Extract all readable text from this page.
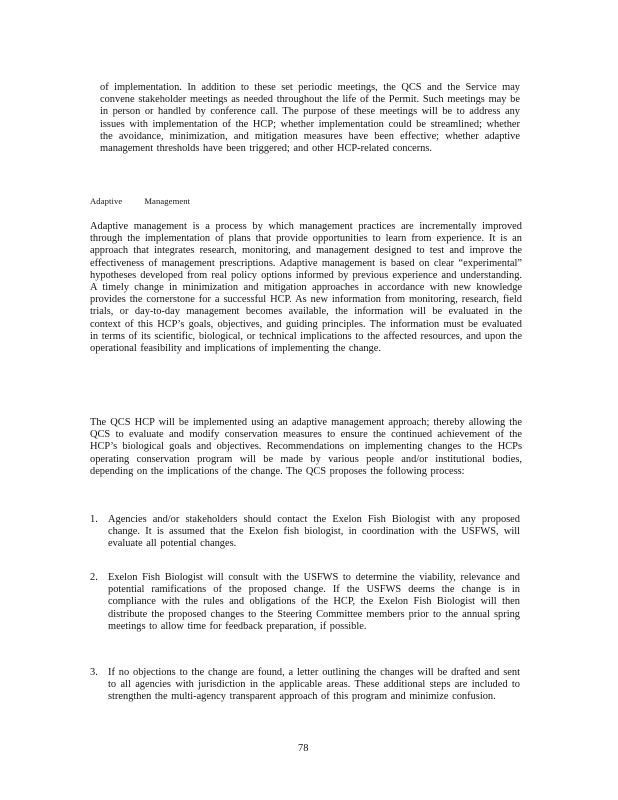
of implementation. In addition to these set periodic meetings, the QCS and the Service may convene stakeholder meetings as needed throughout the life of the Permit. Such meetings may be in person or handled by conference call. The purpose of these meetings will be to address any issues with implementation of the HCP; whether implementation could be streamlined; whether the avoidance, minimization, and mitigation measures have been effective; whether adaptive management thresholds have been triggered; and other HCP-related concerns.

Adaptive	Management

Adaptive management is a process by which management practices are incrementally improved through the implementation of plans that provide opportunities to learn from experience. It is an approach that integrates research, monitoring, and management designed to test and improve the effectiveness of management prescriptions. Adaptive management is based on clear “experimental” hypotheses developed from real policy options informed by previous experience and understanding. A timely change in minimization and mitigation approaches in accordance with new knowledge provides the cornerstone for a successful HCP. As new information from monitoring, research, field trials, or day-to-day management becomes available, the information will be evaluated in the context of this HCP’s goals, objectives, and guiding principles. The information must be evaluated in terms of its scientific, biological, or technical implications to the affected resources, and upon the operational feasibility and implications of implementing the change.

The QCS HCP will be implemented using an adaptive management approach; thereby allowing the QCS to evaluate and modify conservation measures to ensure the continued achievement of the HCP’s biological goals and objectives. Recommendations on implementing changes to the HCPs operating conservation program will be made by various people and/or institutional bodies, depending on the implications of the change. The QCS proposes the following process:

1. Agencies and/or stakeholders should contact the Exelon Fish Biologist with any proposed change. It is assumed that the Exelon fish biologist, in coordination with the USFWS, will evaluate all potential changes.

2. Exelon Fish Biologist will consult with the USFWS to determine the viability, relevance and potential ramifications of the proposed change. If the USFWS deems the change is in compliance with the rules and obligations of the HCP, the Exelon Fish Biologist will then distribute the proposed changes to the Steering Committee members prior to the annual spring meetings to allow time for feedback preparation, if possible.

3. If no objections to the change are found, a letter outlining the changes will be drafted and sent to all agencies with jurisdiction in the applicable areas. These additional steps are included to strengthen the multi-agency transparent approach of this program and minimize confusion.

78
